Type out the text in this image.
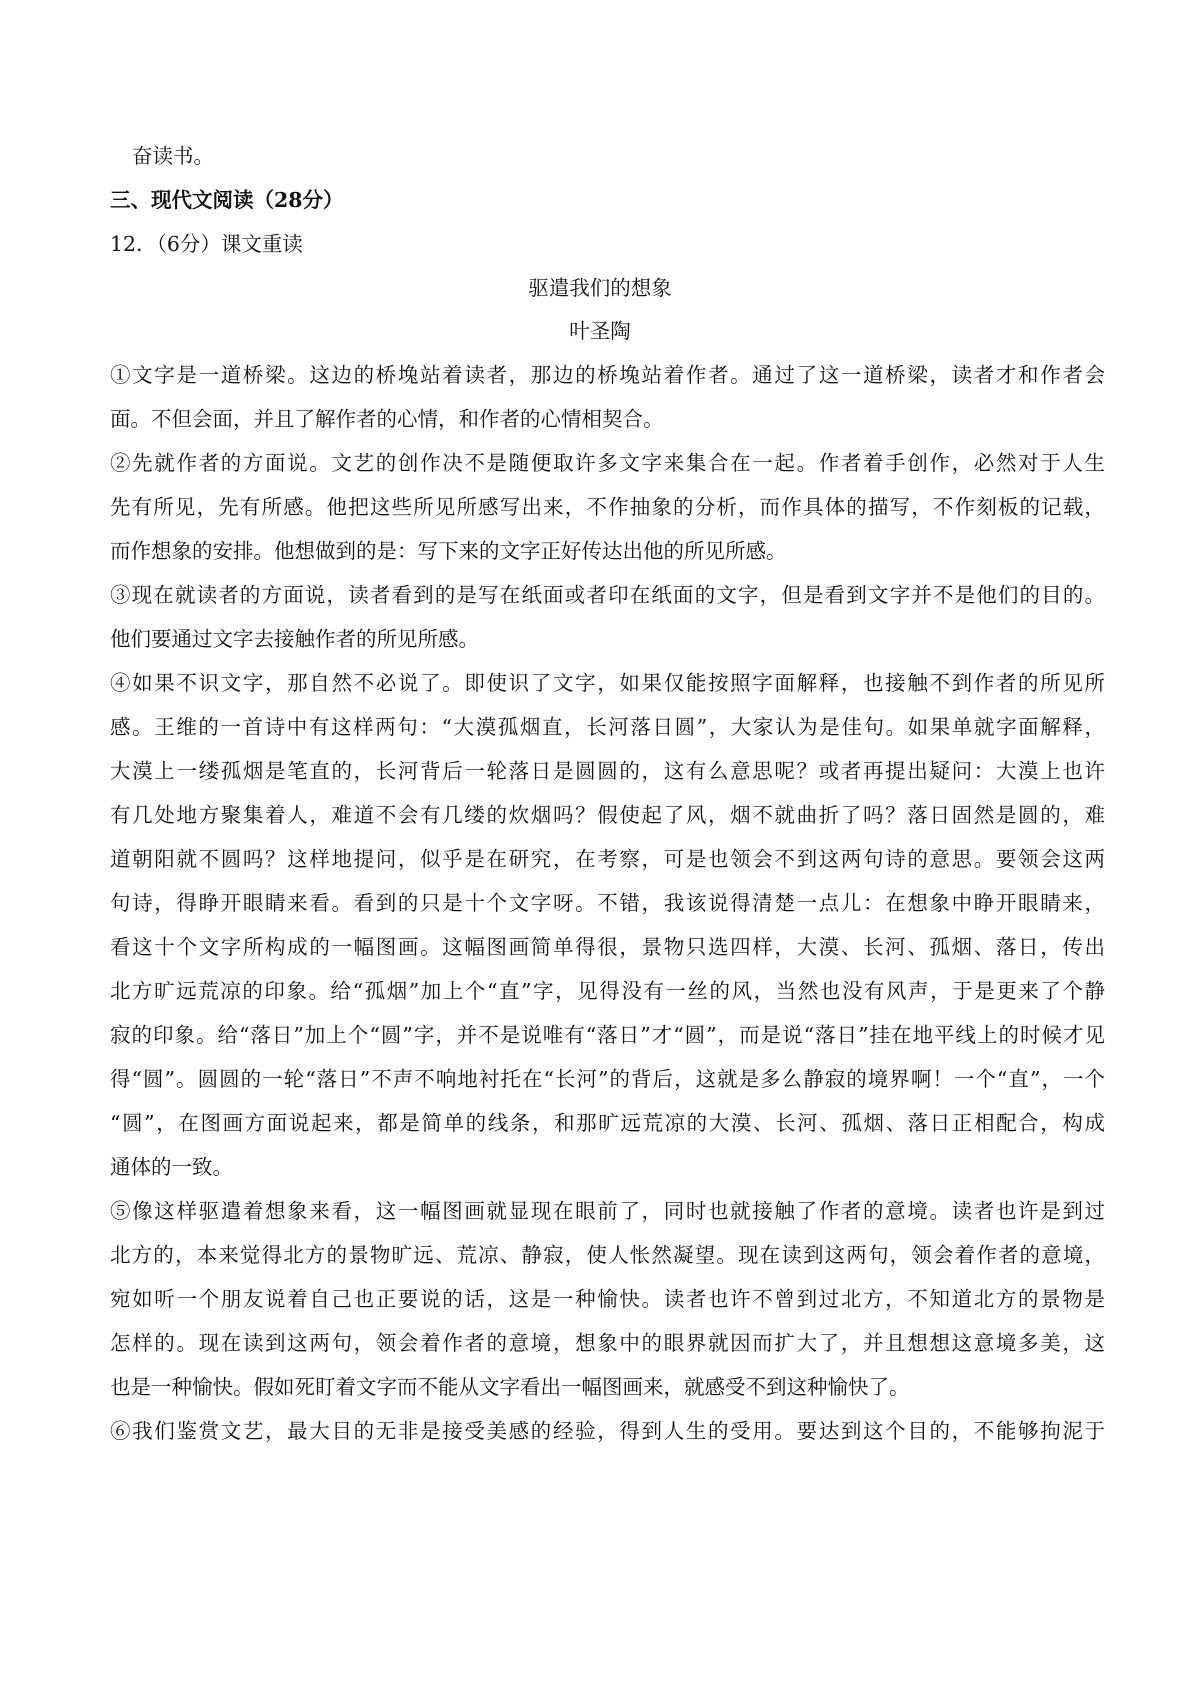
奋读书。
三、现代文阅读（28分）
12．（6分）课文重读
驱遣我们的想象
叶圣陶
①文字是一道桥梁。这边的桥堍站着读者，那边的桥堍站着作者。通过了这一道桥梁，读者才和作者会
面。不但会面，并且了解作者的心情，和作者的心情相契合。
②先就作者的方面说。文艺的创作决不是随便取许多文字来集合在一起。作者着手创作，必然对于人生
先有所见，先有所感。他把这些所见所感写出来，不作抽象的分析，而作具体的描写，不作刻板的记载，
而作想象的安排。他想做到的是：写下来的文字正好传达出他的所见所感。
③现在就读者的方面说，读者看到的是写在纸面或者印在纸面的文字，但是看到文字并不是他们的目的。
他们要通过文字去接触作者的所见所感。
④如果不识文字，那自然不必说了。即使识了文字，如果仅能按照字面解释，也接触不到作者的所见所
感。王维的一首诗中有这样两句：“大漠孤烟直，长河落日圆”，大家认为是佳句。如果单就字面解释，
大漠上一缕孤烟是笔直的，长河背后一轮落日是圆圆的，这有么意思呢？或者再提出疑问：大漠上也许
有几处地方聚集着人，难道不会有几缕的炊烟吗？假使起了风，烟不就曲折了吗？落日固然是圆的，难
道朝阳就不圆吗？这样地提问，似乎是在研究，在考察，可是也领会不到这两句诗的意思。要领会这两
句诗，得睁开眼睛来看。看到的只是十个文字呀。不错，我该说得清楚一点儿：在想象中睁开眼睛来，
看这十个文字所构成的一幅图画。这幅图画简单得很，景物只选四样，大漠、长河、孤烟、落日，传出
北方旷远荒凉的印象。给“孤烟”加上个“直”字，见得没有一丝的风，当然也没有风声，于是更来了个静
寂的印象。给“落日”加上个“圆”字，并不是说唯有“落日”才“圆”，而是说“落日”挂在地平线上的时候才见
得“圆”。圆圆的一轮“落日”不声不响地衬托在“长河”的背后，这就是多么静寂的境界啊！一个“直”，一个
“圆”，在图画方面说起来，都是简单的线条，和那旷远荒凉的大漠、长河、孤烟、落日正相配合，构成
通体的一致。
⑤像这样驱遣着想象来看，这一幅图画就显现在眼前了，同时也就接触了作者的意境。读者也许是到过
北方的，本来觉得北方的景物旷远、荒凉、静寂，使人怅然凝望。现在读到这两句，领会着作者的意境，
宛如听一个朋友说着自己也正要说的话，这是一种愉快。读者也许不曾到过北方，不知道北方的景物是
怎样的。现在读到这两句，领会着作者的意境，想象中的眼界就因而扩大了，并且想想这意境多美，这
也是一种愉快。假如死盯着文字而不能从文字看出一幅图画来，就感受不到这种愉快了。
⑥我们鉴赏文艺，最大目的无非是接受美感的经验，得到人生的受用。要达到这个目的，不能够拘泥于
